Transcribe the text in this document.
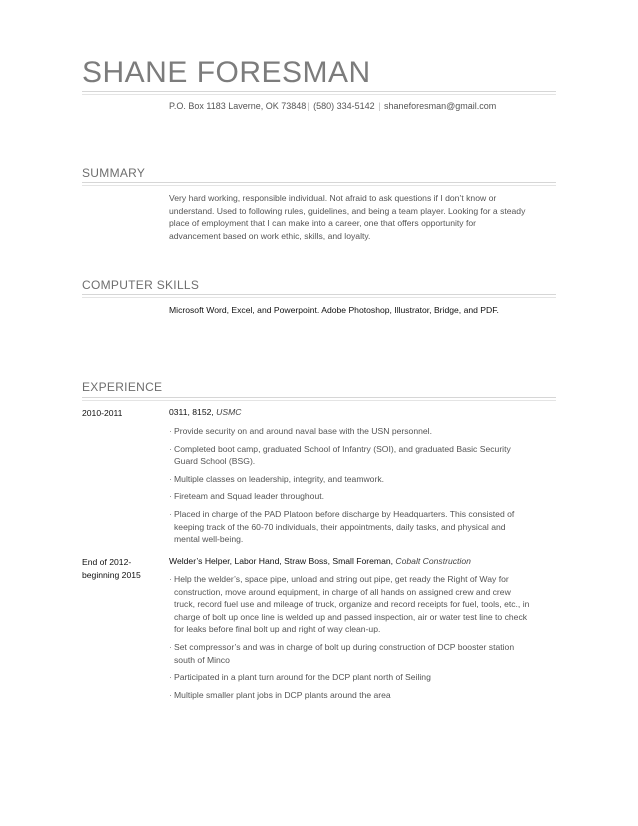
SHANE FORESMAN
P.O. Box 1183 Laverne, OK 73848| (580) 334-5142 | shaneforesman@gmail.com
SUMMARY

Very hard working, responsible individual. Not afraid to ask questions if I don’t know or understand. Used to following rules, guidelines, and being a team player. Looking for a steady place of employment that I can make into a career, one that offers opportunity for advancement based on work ethic, skills, and loyalty.

COMPUTER SKILLS

Microsoft Word, Excel, and Powerpoint. Adobe Photoshop, Illustrator, Bridge, and PDF.

EXPERIENCE
2010-2011	0311, 8152, USMC
· Provide security on and around naval base with the USN personnel.
· Completed boot camp, graduated School of Infantry (SOI), and graduated Basic Security Guard School (BSG).
· Multiple classes on leadership, integrity, and teamwork.
· Fireteam and Squad leader throughout.
· Placed in charge of the PAD Platoon before discharge by Headquarters. This consisted of keeping track of the 60-70 individuals, their appointments, daily tasks, and physical and mental well-being.
End of 2012- beginning 2015
Welder’s Helper, Labor Hand, Straw Boss, Small Foreman, Cobalt Construction
· Help the welder’s, space pipe, unload and string out pipe, get ready the Right of Way for construction, move around equipment, in charge of all hands on assigned crew and crew truck, record fuel use and mileage of truck, organize and record receipts for fuel, tools, etc., in charge of bolt up once line is welded up and passed inspection, air or water test line to check for leaks before final bolt up and right of way clean-up.
· Set compressor’s and was in charge of bolt up during construction of DCP booster station south of Minco
· Participated in a plant turn around for the DCP plant north of Seiling
· Multiple smaller plant jobs in DCP plants around the area
